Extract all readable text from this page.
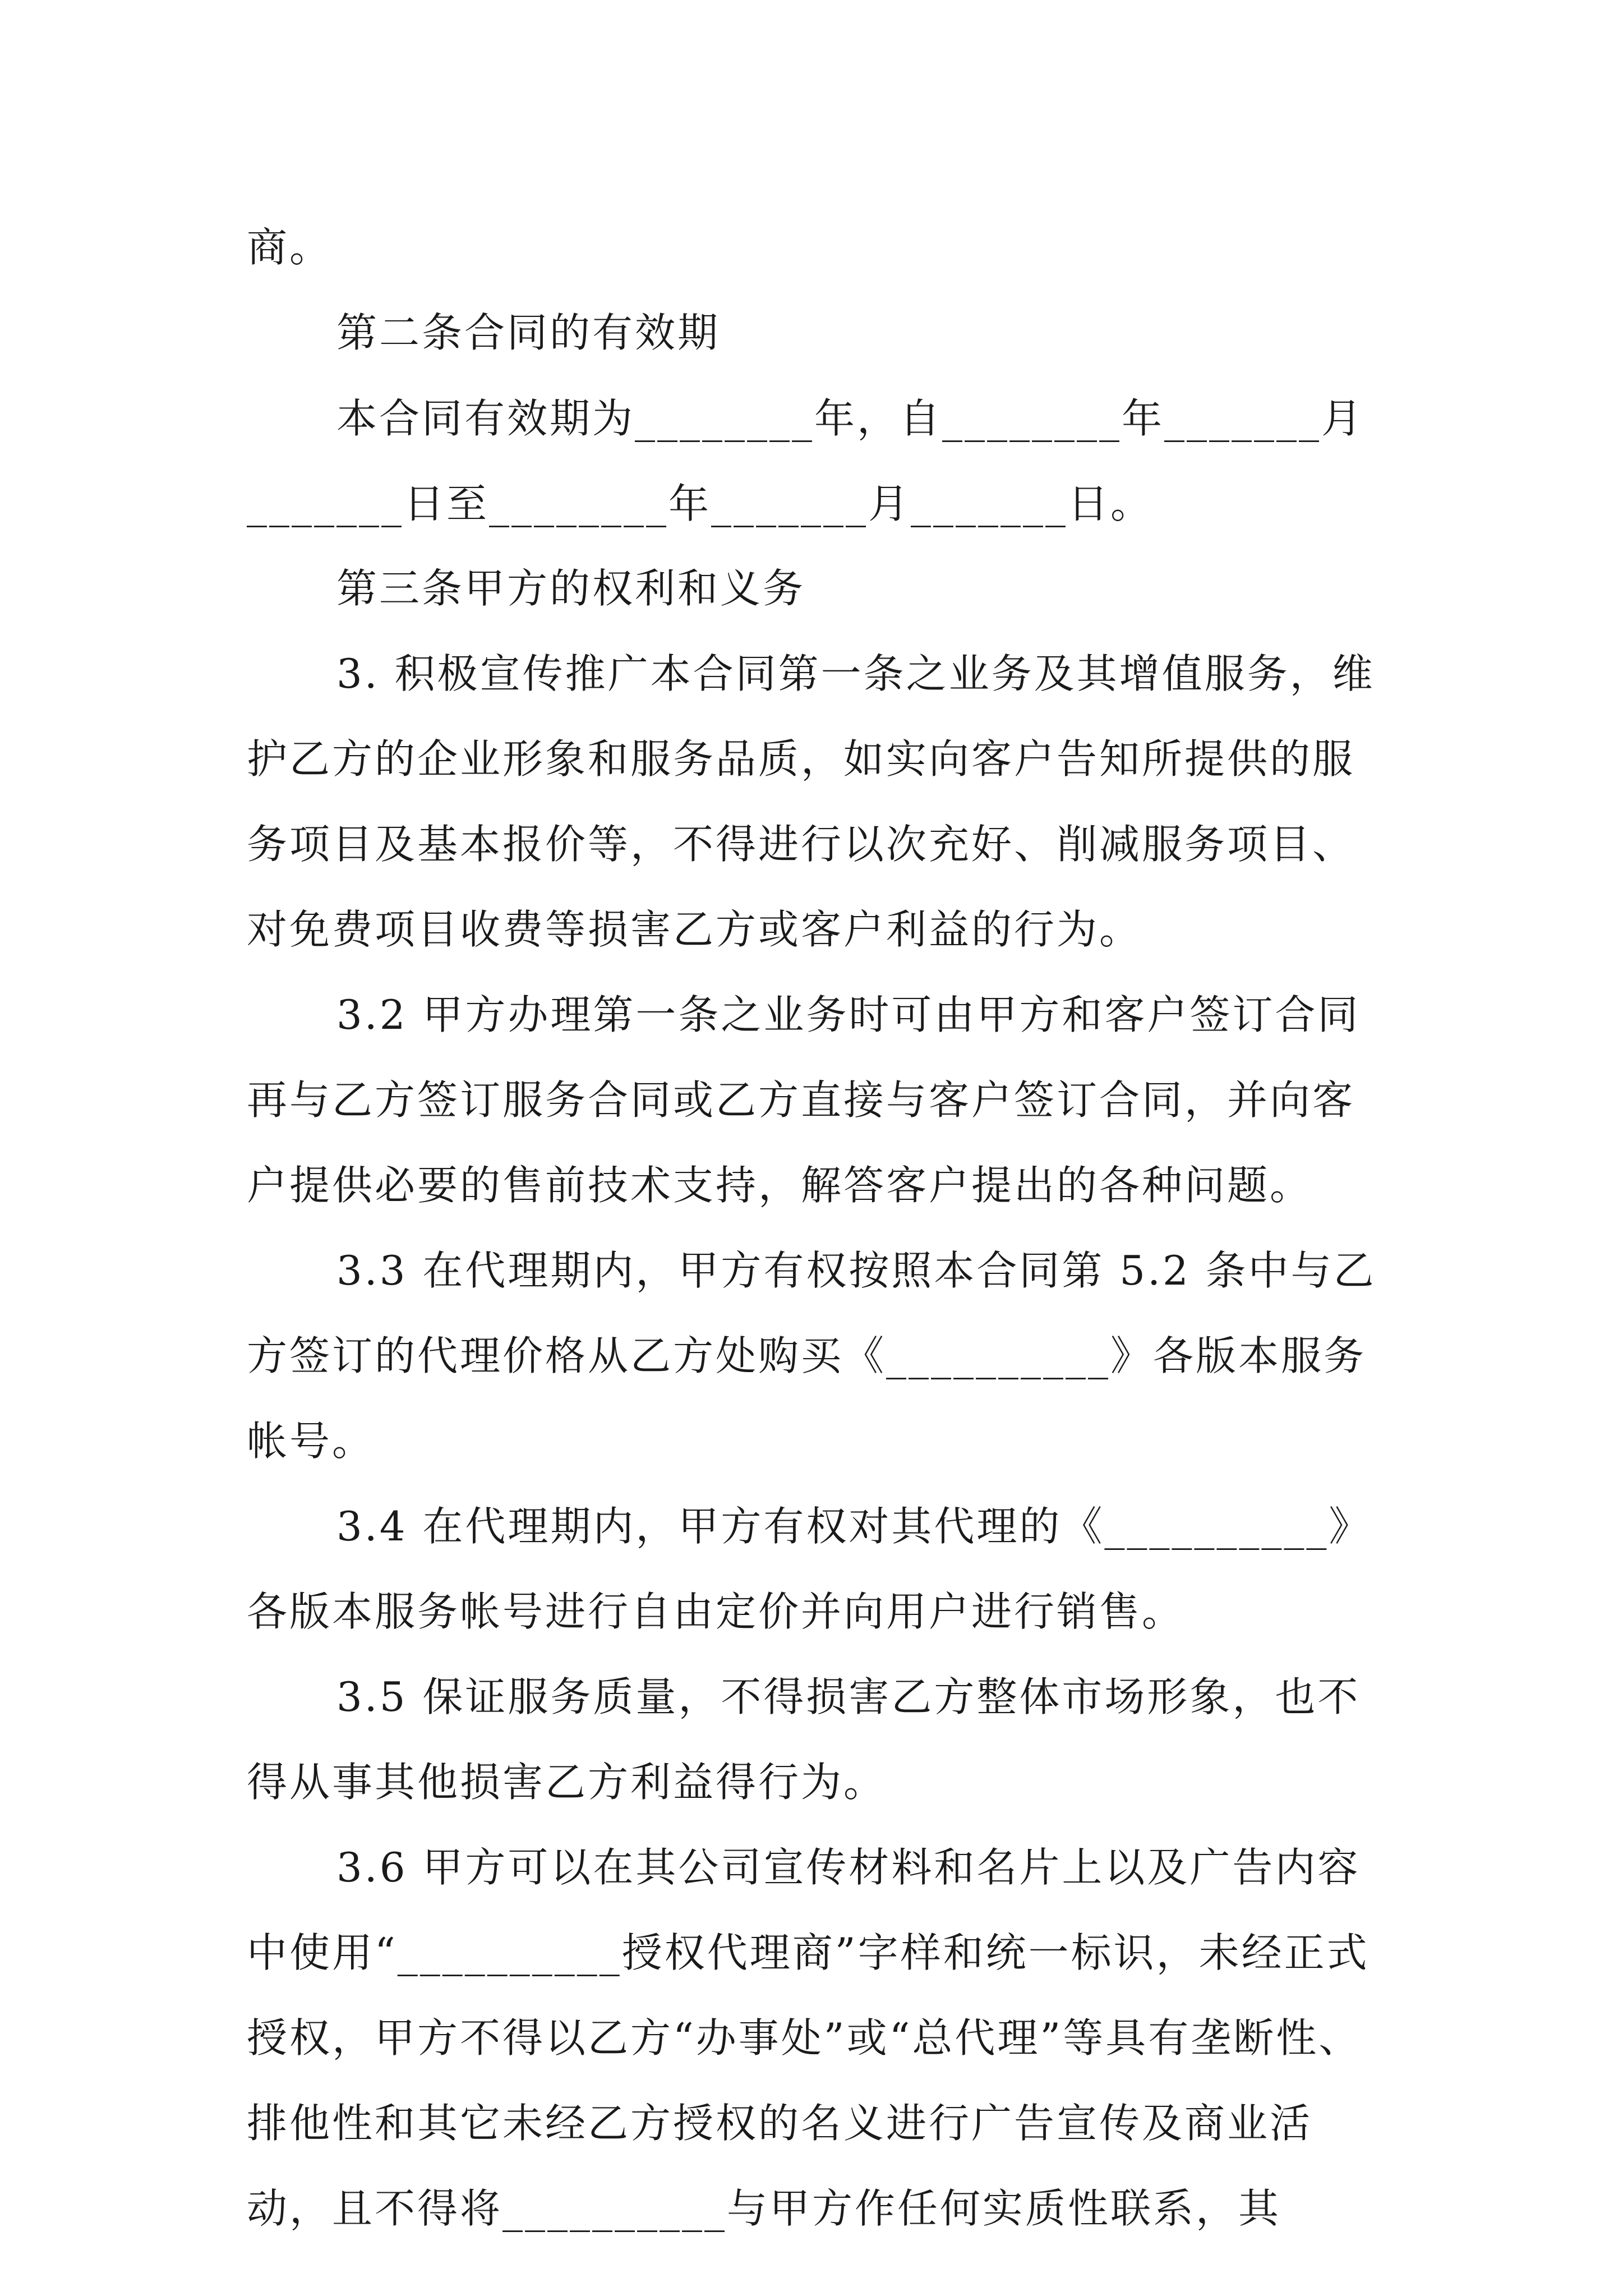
商。

第二条合同的有效期

本合同有效期为________年，自________年_______月_______日至________年_______月_______日。

第三条甲方的权利和义务

3. 积极宣传推广本合同第一条之业务及其增值服务，维护乙方的企业形象和服务品质，如实向客户告知所提供的服务项目及基本报价等，不得进行以次充好、削减服务项目、对免费项目收费等损害乙方或客户利益的行为。

3.2 甲方办理第一条之业务时可由甲方和客户签订合同再与乙方签订服务合同或乙方直接与客户签订合同，并向客户提供必要的售前技术支持，解答客户提出的各种问题。

3.3 在代理期内，甲方有权按照本合同第 5.2 条中与乙方签订的代理价格从乙方处购买《__________》各版本服务帐号。

3.4 在代理期内，甲方有权对其代理的《__________》各版本服务帐号进行自由定价并向用户进行销售。

3.5 保证服务质量，不得损害乙方整体市场形象，也不得从事其他损害乙方利益得行为。

3.6 甲方可以在其公司宣传材料和名片上以及广告内容中使用“__________授权代理商”字样和统一标识，未经正式授权，甲方不得以乙方“办事处”或“总代理”等具有垄断性、排他性和其它未经乙方授权的名义进行广告宣传及商业活动，且不得将__________与甲方作任何实质性联系，其
